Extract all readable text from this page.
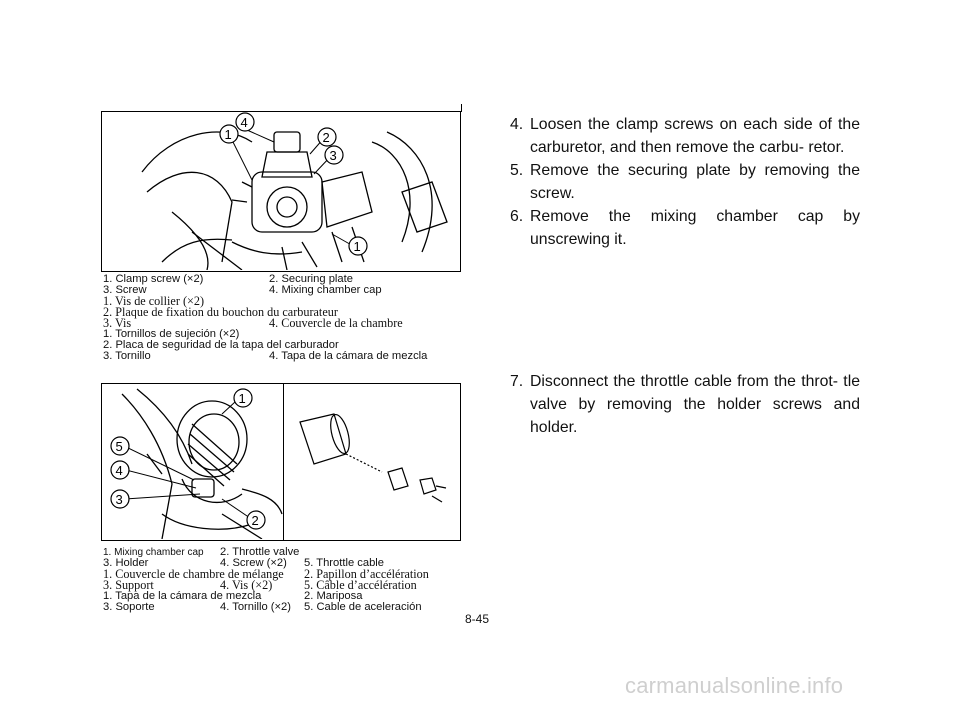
1
4
2
3
1
1. Clamp screw (×2)	2. Securing plate
3. Screw	4. Mixing chamber cap
1. Vis de collier (×2)
2. Plaque de fixation du bouchon du carburateur
3. Vis	4. Couvercle de la chambre
1. Tornillos de sujeción (×2)
2. Placa de seguridad de la tapa del carburador
3. Tornillo	4. Tapa de la cámara de mezcla
1
5
4
3
2
1. Mixing chamber cap 2. Throttle valve
3. Holder	4. Screw (×2) 5. Throttle cable
1. Couvercle de chambre de mélange 2. Papillon d’accélération
3. Support	4. Vis (×2)	5. Câble d’accélération
1. Tapa de la cámara de mezcla	2. Mariposa
3. Soporte	4. Tornillo (×2) 5. Cable de aceleración
4. Loosen the clamp screws on each side of the carburetor, and then remove the carbu- retor.
5. Remove the securing plate by removing the screw.
6. Remove the mixing chamber cap by unscrewing it.
7. Disconnect the throttle cable from the throt- tle valve by removing the holder screws and holder.
8-45
carmanualsonline.info
